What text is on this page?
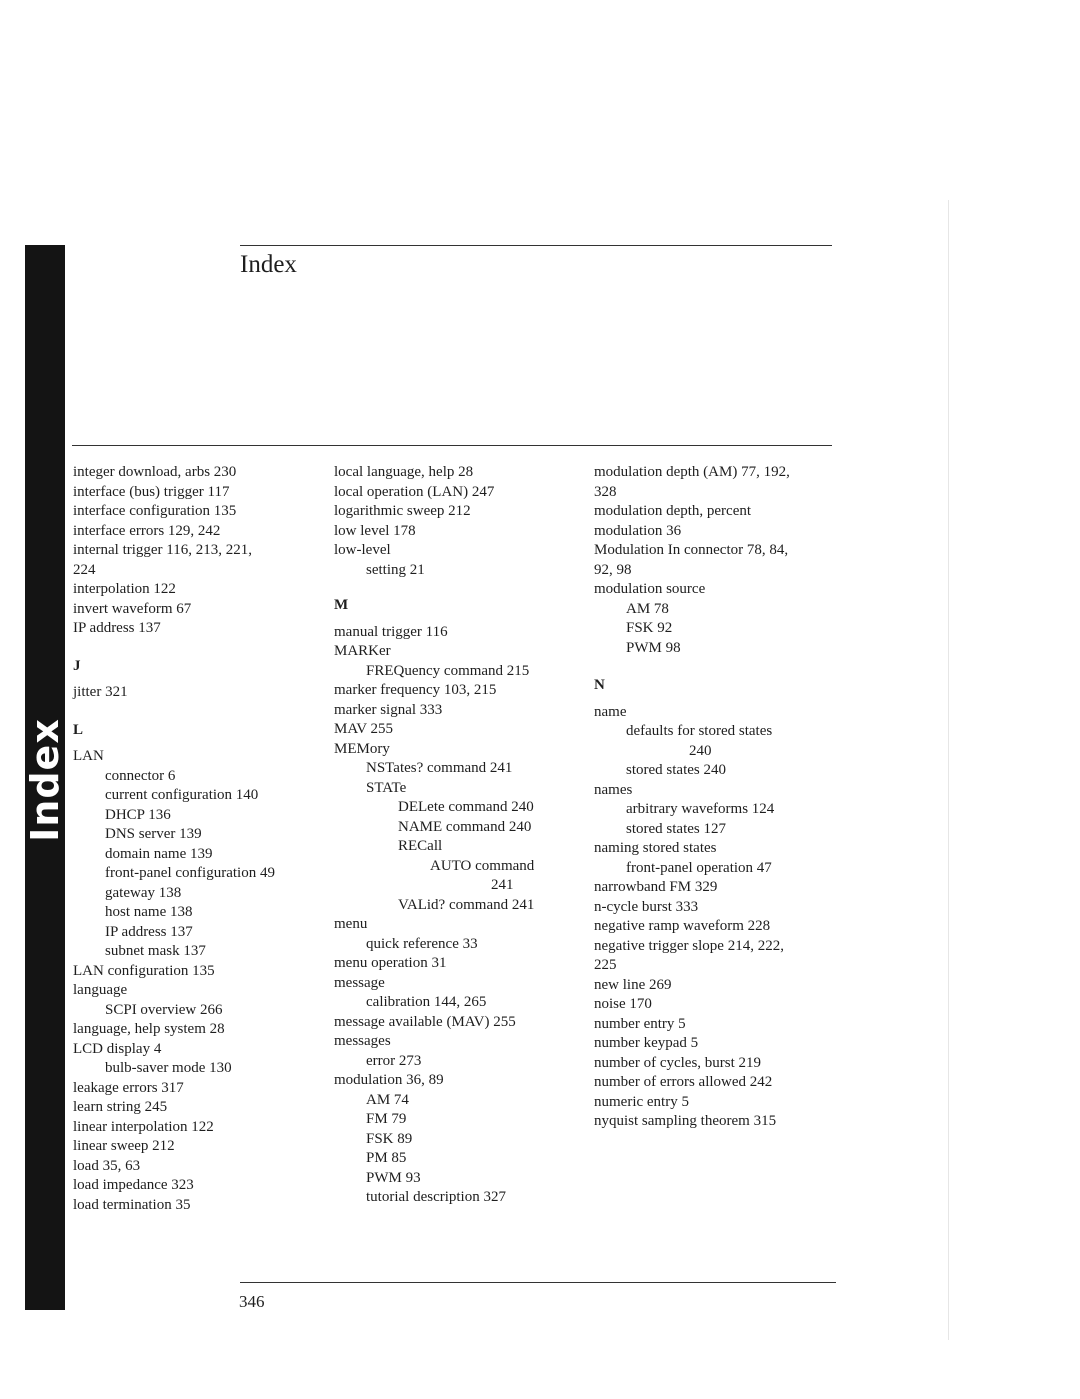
Index
Index
integer download, arbs 230
interface (bus) trigger 117
interface configuration 135
interface errors 129, 242
internal trigger 116, 213, 221,
224
interpolation 122
invert waveform 67
IP address 137
J
jitter 321
L
LAN
connector 6
current configuration 140
DHCP 136
DNS server 139
domain name 139
front-panel configuration 49
gateway 138
host name 138
IP address 137
subnet mask 137
LAN configuration 135
language
SCPI overview 266
language, help system 28
LCD display 4
bulb-saver mode 130
leakage errors 317
learn string 245
linear interpolation 122
linear sweep 212
load 35, 63
load impedance 323
load termination 35
local language, help 28
local operation (LAN) 247
logarithmic sweep 212
low level 178
low-level
setting 21
M
manual trigger 116
MARKer
FREQuency command 215
marker frequency 103, 215
marker signal 333
MAV 255
MEMory
NSTates? command 241
STATe
DELete command 240
NAME command 240
RECall
AUTO command
241
VALid? command 241
menu
quick reference 33
menu operation 31
message
calibration 144, 265
message available (MAV) 255
messages
error 273
modulation 36, 89
AM 74
FM 79
FSK 89
PM 85
PWM 93
tutorial description 327
modulation depth (AM) 77, 192,
328
modulation depth, percent
modulation 36
Modulation In connector 78, 84,
92, 98
modulation source
AM 78
FSK 92
PWM 98
N
name
defaults for stored states
240
stored states 240
names
arbitrary waveforms 124
stored states 127
naming stored states
front-panel operation 47
narrowband FM 329
n-cycle burst 333
negative ramp waveform 228
negative trigger slope 214, 222,
225
new line 269
noise 170
number entry 5
number keypad 5
number of cycles, burst 219
number of errors allowed 242
numeric entry 5
nyquist sampling theorem 315
346
